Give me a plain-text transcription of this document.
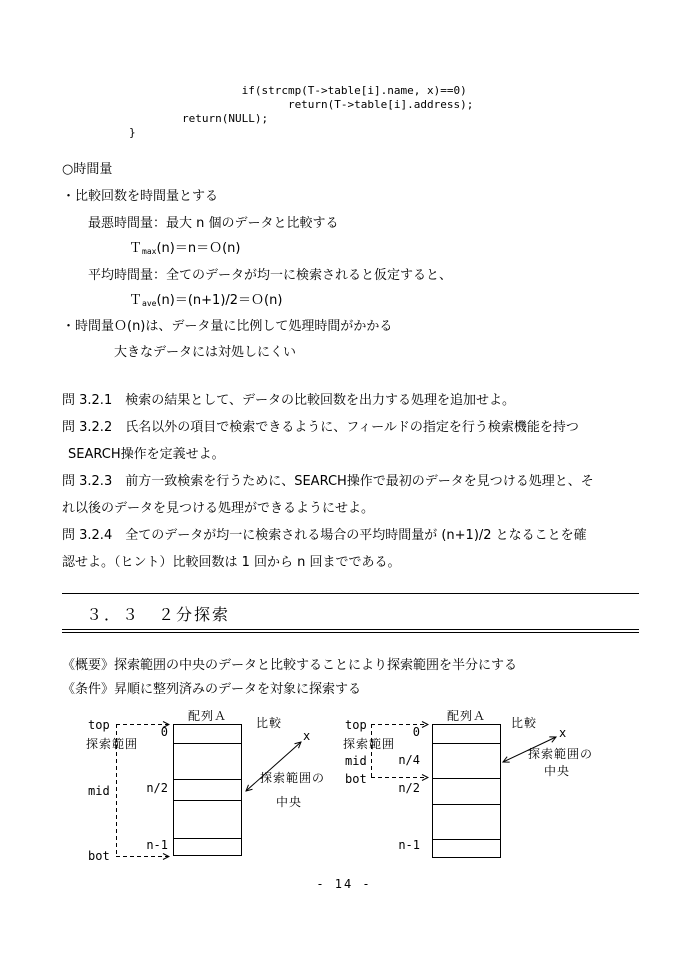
if(strcmp(T->table[i].name, x)==0)
return(T->table[i].address);
return(NULL);
}
○時間量
・比較回数を時間量とする
最悪時間量：最大 n 個のデータと比較する
Ｔ$_{max}$(n)＝n＝Ｏ(n)
平均時間量：全てのデータが均一に検索されると仮定すると、
Ｔ$_{ave}$(n)＝(n+1)/2＝Ｏ(n)
・時間量Ｏ(n)は、データ量に比例して処理時間がかかる
大きなデータには対処しにくい
問 3.2.1　検索の結果として、データの比較回数を出力する処理を追加せよ。
問 3.2.2　氏名以外の項目で検索できるように、フィールドの指定を行う検索機能を持つ
SEARCH操作を定義せよ。
問 3.2.3　前方一致検索を行うために、SEARCH操作で最初のデータを見つける処理と、そ
れ以後のデータを見つける処理ができるようにせよ。
問 3.2.4　全てのデータが均一に検索される場合の平均時間量が (n+1)/2 となることを確
認せよ。（ヒント）比較回数は 1 回から n 回までである。
３．３　２分探索
《概要》探索範囲の中央のデータと比較することにより探索範囲を半分にする
《条件》昇順に整列済みのデータを対象に探索する
配列Ａ
top
探索範囲
mid
bot
0
n/2
n-1
比較
x
探索範囲の
中央
配列Ａ
top
探索範囲
mid
bot
0
n/4
n/2
n-1
比較
x
探索範囲の
中央
- 14 -
